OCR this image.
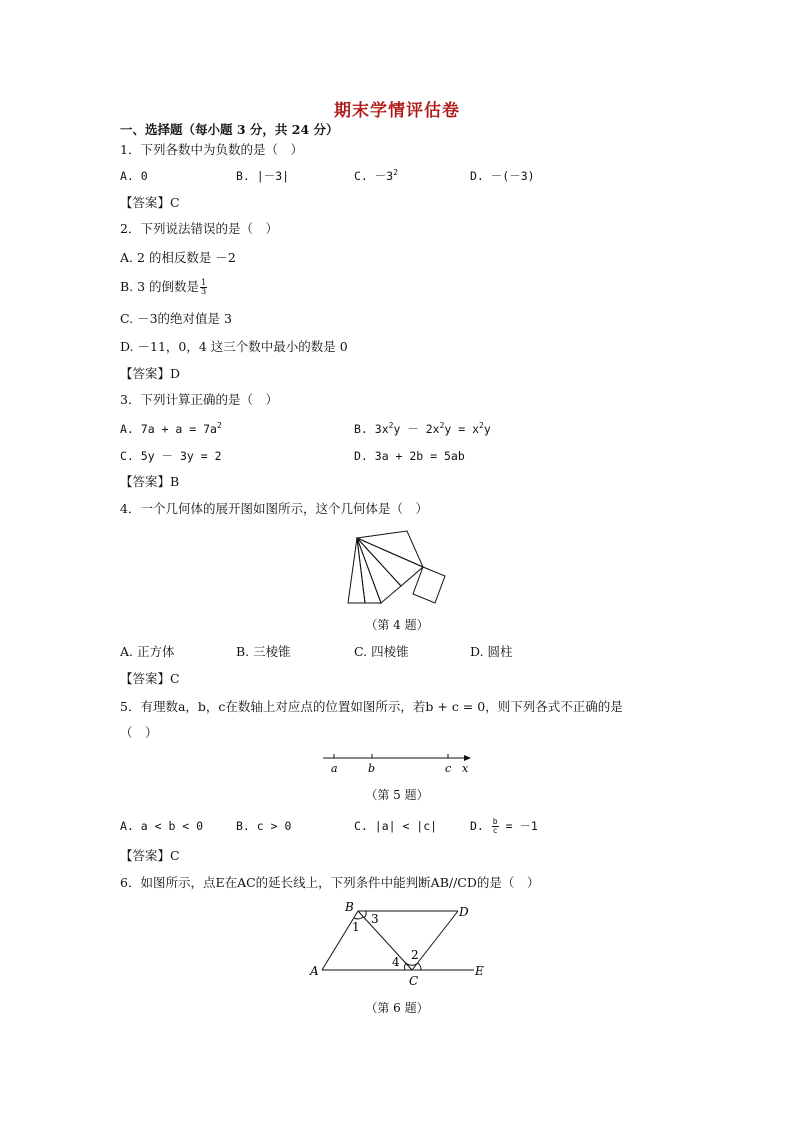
期末学情评估卷
一、选择题（每小题 3 分，共 24 分）
1．下列各数中为负数的是（　）
A. 0	B. |－3|	C. $-3^2$	D. －(－3)
【答案】C
2．下列说法错误的是（　）
A. 2 的相反数是 －2
B. 3 的倒数是 $\frac{1}{3}$
C. －3的绝对值是 3
D. －11，0，4 这三个数中最小的数是 0
【答案】D
3．下列计算正确的是（　）
A. $7a + a = 7a^2$	B. $3x^2y - 2x^2y = x^2y$
C. 5y － 3y = 2	D. 3a + 2b = 5ab
【答案】B
4．一个几何体的展开图如图所示，这个几何体是（　）
（第 4 题）
A. 正方体	B. 三棱锥	C. 四棱锥	D. 圆柱
【答案】C
5．有理数a，b，c在数轴上对应点的位置如图所示，若b + c = 0，则下列各式不正确的是
（　）
a	b	c x
（第 5 题）
A. a < b < 0	B. c > 0	C. |a| < |c|	D. $\frac{b}{c} = -1$
【答案】C
6．如图所示，点E在AC的延长线上，下列条件中能判断AB//CD的是（　）
B	D
A
C
E
1
2
3
4
（第 6 题）
